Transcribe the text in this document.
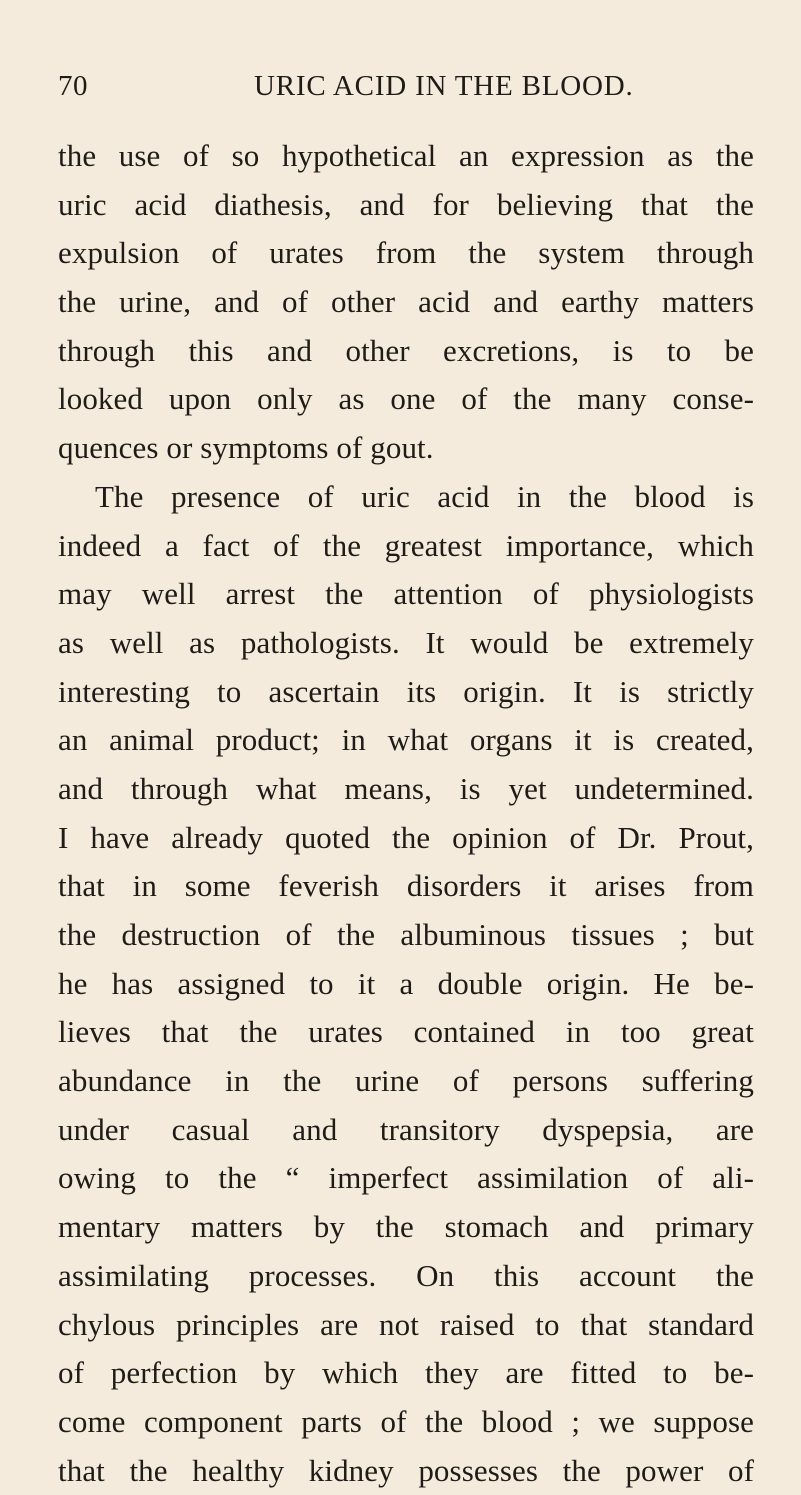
70	URIC ACID IN THE BLOOD.
the use of so hypothetical an expression as the
uric acid diathesis, and for believing that the
expulsion of urates from the system through
the urine, and of other acid and earthy matters
through this and other excretions, is to be
looked upon only as one of the many conse-
quences or symptoms of gout.
The presence of uric acid in the blood is
indeed a fact of the greatest importance, which
may well arrest the attention of physiologists
as well as pathologists. It would be extremely
interesting to ascertain its origin. It is strictly
an animal product; in what organs it is created,
and through what means, is yet undetermined.
I have already quoted the opinion of Dr. Prout,
that in some feverish disorders it arises from
the destruction of the albuminous tissues ; but
he has assigned to it a double origin. He be-
lieves that the urates contained in too great
abundance in the urine of persons suffering
under casual and transitory dyspepsia, are
owing to the “ imperfect assimilation of ali-
mentary matters by the stomach and primary
assimilating processes. On this account the
chylous principles are not raised to that standard
of perfection by which they are fitted to be-
come component parts of the blood ; we suppose
that the healthy kidney possesses the power of
